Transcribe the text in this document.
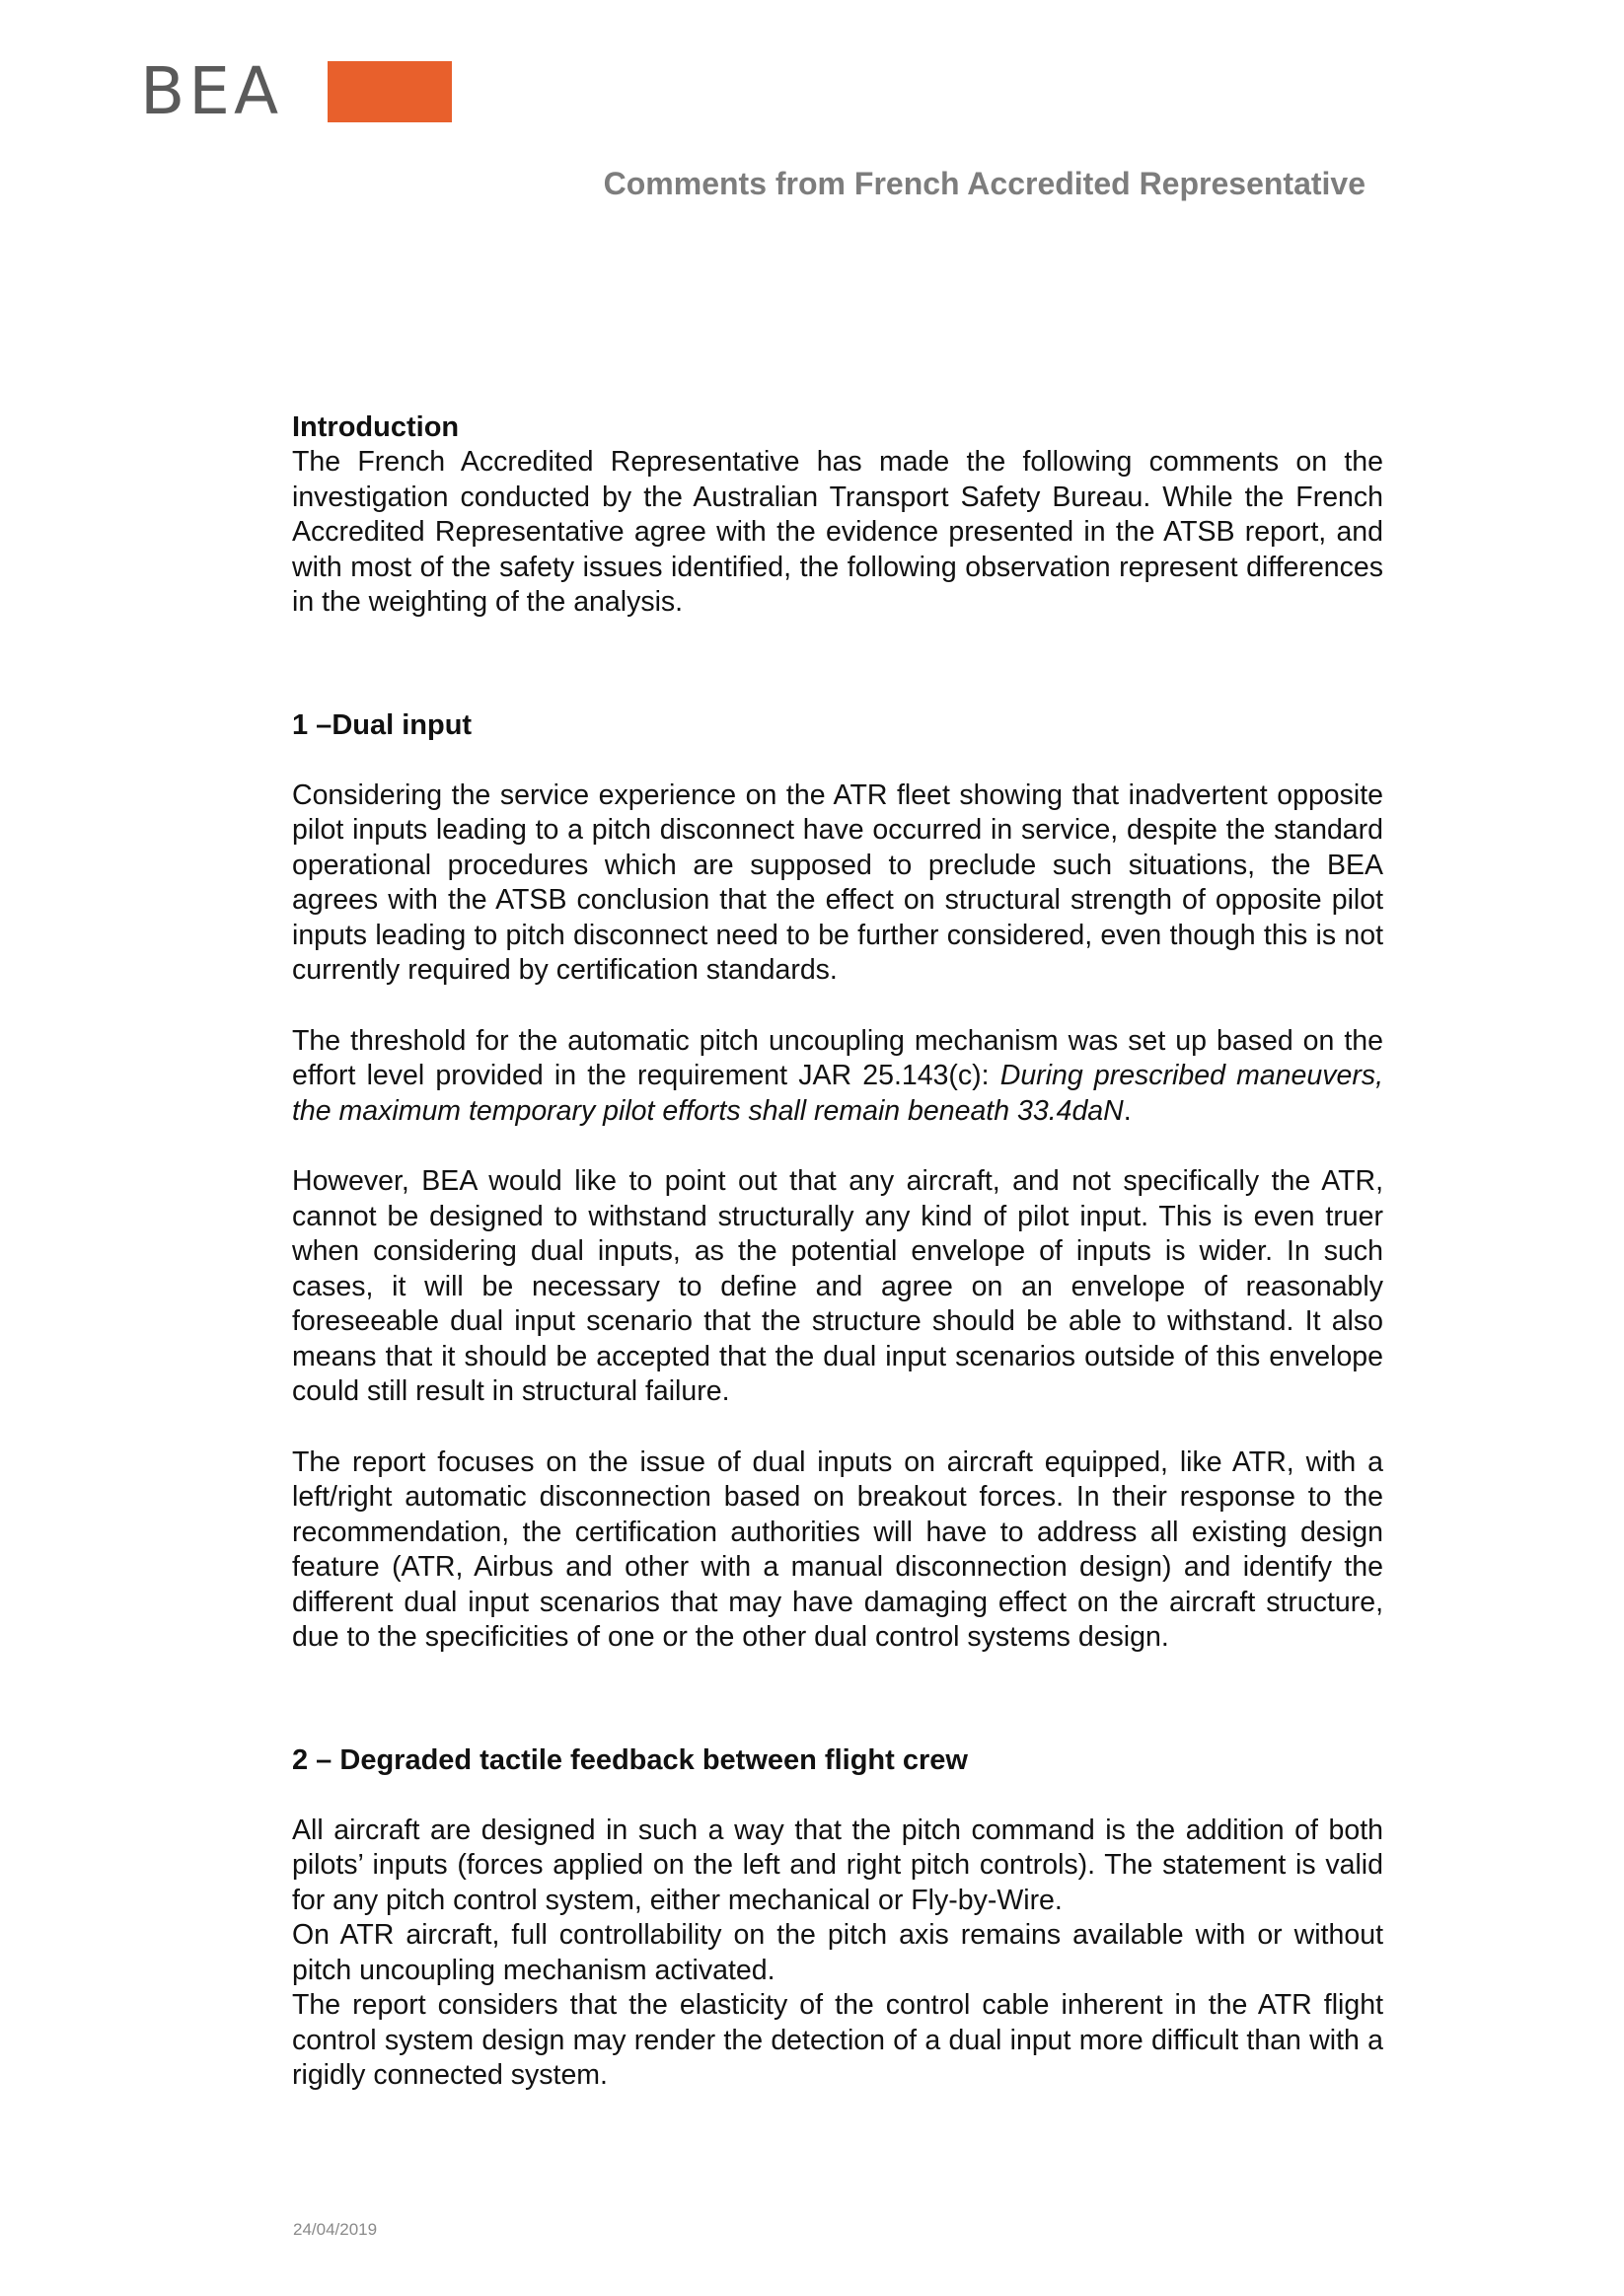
BEA
Comments from French Accredited Representative

Introduction

The French Accredited Representative has made the following comments on the investigation conducted by the Australian Transport Safety Bureau. While the French Accredited Representative agree with the evidence presented in the ATSB report, and with most of the safety issues identified, the following observation represent differences in the weighting of the analysis.

1 –Dual input

Considering the service experience on the ATR fleet showing that inadvertent opposite pilot inputs leading to a pitch disconnect have occurred in service, despite the standard operational procedures which are supposed to preclude such situations, the BEA agrees with the ATSB conclusion that the effect on structural strength of opposite pilot inputs leading to pitch disconnect need to be further considered, even though this is not currently required by certification standards.

The threshold for the automatic pitch uncoupling mechanism was set up based on the effort level provided in the requirement JAR 25.143(c): During prescribed maneuvers, the maximum temporary pilot efforts shall remain beneath 33.4daN.

However, BEA would like to point out that any aircraft, and not specifically the ATR, cannot be designed to withstand structurally any kind of pilot input. This is even truer when considering dual inputs, as the potential envelope of inputs is wider. In such cases, it will be necessary to define and agree on an envelope of reasonably foreseeable dual input scenario that the structure should be able to withstand. It also means that it should be accepted that the dual input scenarios outside of this envelope could still result in structural failure.

The report focuses on the issue of dual inputs on aircraft equipped, like ATR, with a left/right automatic disconnection based on breakout forces. In their response to the recommendation, the certification authorities will have to address all existing design feature (ATR, Airbus and other with a manual disconnection design) and identify the different dual input scenarios that may have damaging effect on the aircraft structure, due to the specificities of one or the other dual control systems design.

2 – Degraded tactile feedback between flight crew

All aircraft are designed in such a way that the pitch command is the addition of both pilots’ inputs (forces applied on the left and right pitch controls). The statement is valid for any pitch control system, either mechanical or Fly-by-Wire.

On ATR aircraft, full controllability on the pitch axis remains available with or without pitch uncoupling mechanism activated.

The report considers that the elasticity of the control cable inherent in the ATR flight control system design may render the detection of a dual input more difficult than with a rigidly connected system.

24/04/2019
